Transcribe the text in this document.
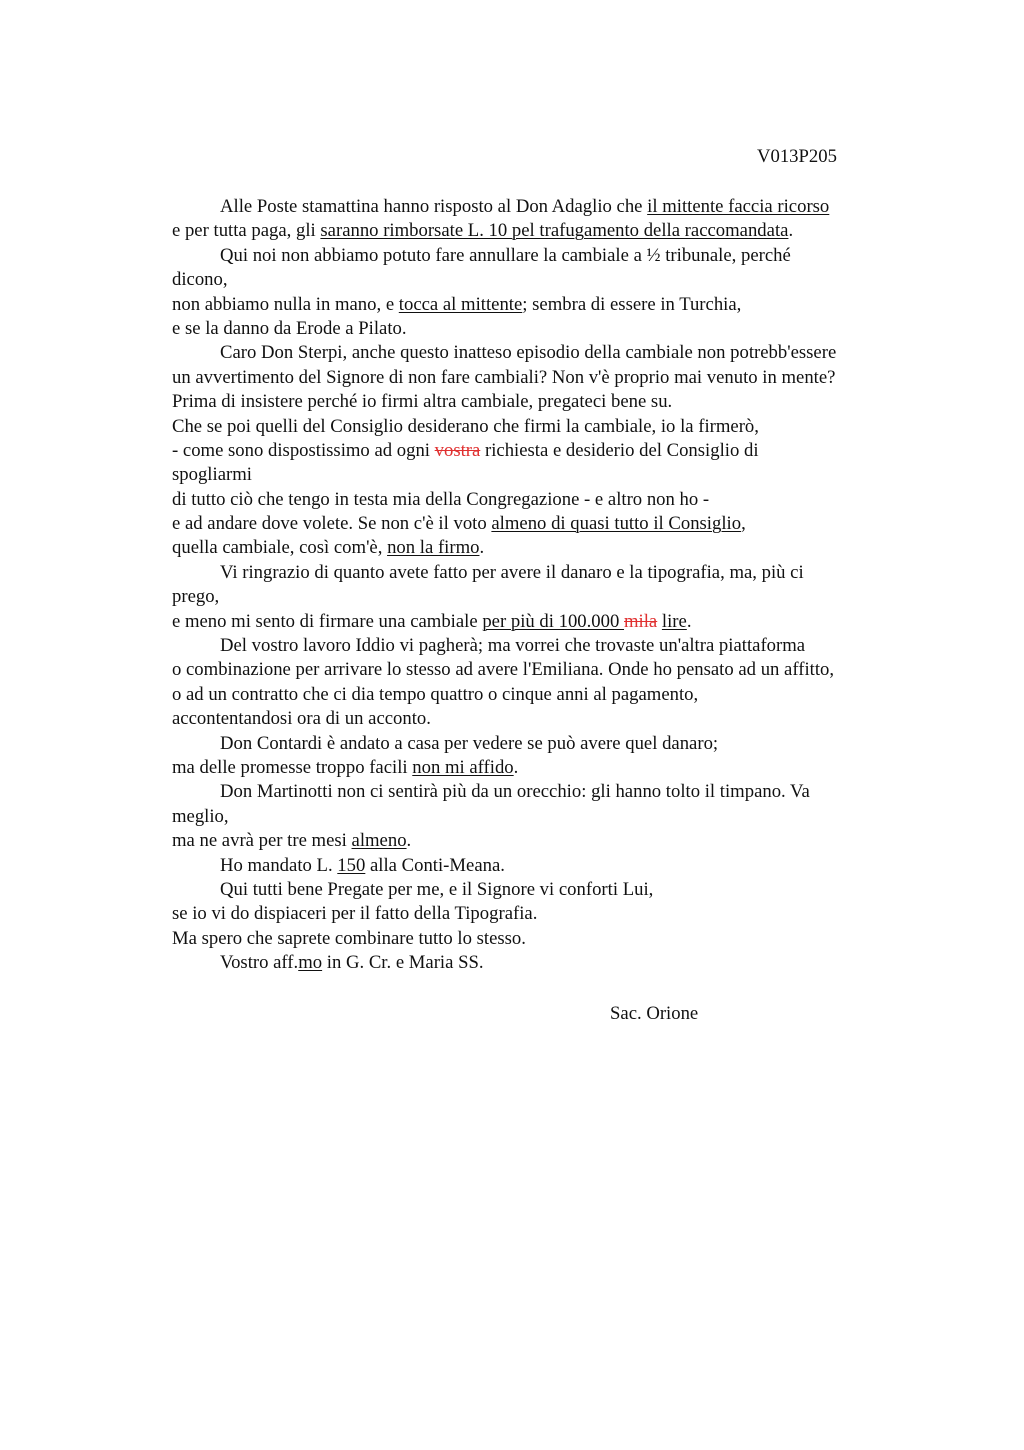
V013P205
Alle Poste stamattina hanno risposto al Don Adaglio che il mittente faccia ricorso
e per tutta paga, gli saranno rimborsate L. 10 pel trafugamento della raccomandata.
Qui noi non abbiamo potuto fare annullare la cambiale a ½ tribunale, perché
dicono,
non abbiamo nulla in mano, e tocca al mittente; sembra di essere in Turchia,
e se la danno da Erode a Pilato.
Caro Don Sterpi, anche questo inatteso episodio della cambiale non potrebb'essere
un avvertimento del Signore di non fare cambiali? Non v'è proprio mai venuto in mente?
Prima di insistere perché io firmi altra cambiale, pregateci bene su.
Che se poi quelli del Consiglio desiderano che firmi la cambiale, io la firmerò,
- come sono dispostissimo ad ogni vostra richiesta e desiderio del Consiglio di
spogliarmi
di tutto ciò che tengo in testa mia della Congregazione - e altro non ho -
e ad andare dove volete. Se non c'è il voto almeno di quasi tutto il Consiglio,
quella cambiale, così com'è, non la firmo.
Vi ringrazio di quanto avete fatto per avere il danaro e la tipografia, ma, più ci
prego,
e meno mi sento di firmare una cambiale per più di 100.000 mila lire.
Del vostro lavoro Iddio vi pagherà; ma vorrei che trovaste un'altra piattaforma
o combinazione per arrivare lo stesso ad avere l'Emiliana. Onde ho pensato ad un affitto,
o ad un contratto che ci dia tempo quattro o cinque anni al pagamento,
accontentandosi ora di un acconto.
Don Contardi è andato a casa per vedere se può avere quel danaro;
ma delle promesse troppo facili non mi affido.
Don Martinotti non ci sentirà più da un orecchio: gli hanno tolto il timpano. Va
meglio,
ma ne avrà per tre mesi almeno.
Ho mandato L. 150 alla Conti-Meana.
Qui tutti bene Pregate per me, e il Signore vi conforti Lui,
se io vi do dispiaceri per il fatto della Tipografia.
Ma spero che saprete combinare tutto lo stesso.
Vostro aff.mo in G. Cr. e Maria SS.
Sac. Orione
